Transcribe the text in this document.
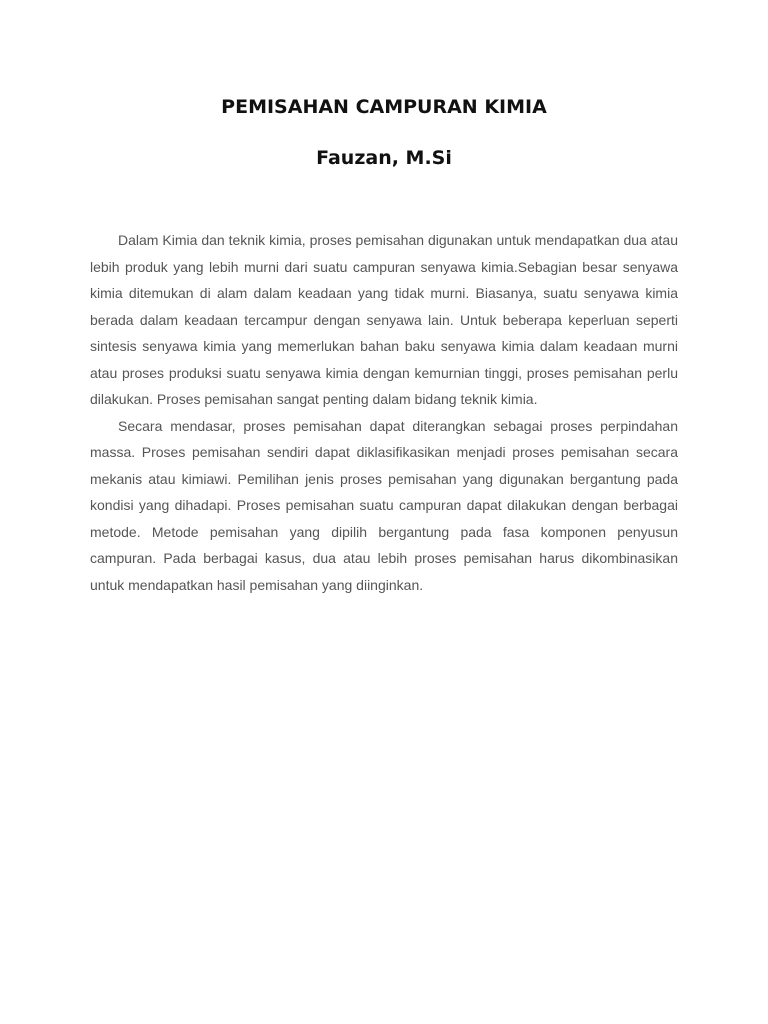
PEMISAHAN CAMPURAN KIMIA
Fauzan, M.Si

Dalam Kimia dan teknik kimia, proses pemisahan digunakan untuk mendapatkan dua atau lebih produk yang lebih murni dari suatu campuran senyawa kimia.Sebagian besar senyawa kimia ditemukan di alam dalam keadaan yang tidak murni. Biasanya, suatu senyawa kimia berada dalam keadaan tercampur dengan senyawa lain. Untuk beberapa keperluan seperti sintesis senyawa kimia yang memerlukan bahan baku senyawa kimia dalam keadaan murni atau proses produksi suatu senyawa kimia dengan kemurnian tinggi, proses pemisahan perlu dilakukan. Proses pemisahan sangat penting dalam bidang teknik kimia.

Secara mendasar, proses pemisahan dapat diterangkan sebagai proses perpindahan massa. Proses pemisahan sendiri dapat diklasifikasikan menjadi proses pemisahan secara mekanis atau kimiawi. Pemilihan jenis proses pemisahan yang digunakan bergantung pada kondisi yang dihadapi. Proses pemisahan suatu campuran dapat dilakukan dengan berbagai metode. Metode pemisahan yang dipilih bergantung pada fasa komponen penyusun campuran. Pada berbagai kasus, dua atau lebih proses pemisahan harus dikombinasikan untuk mendapatkan hasil pemisahan yang diinginkan.
